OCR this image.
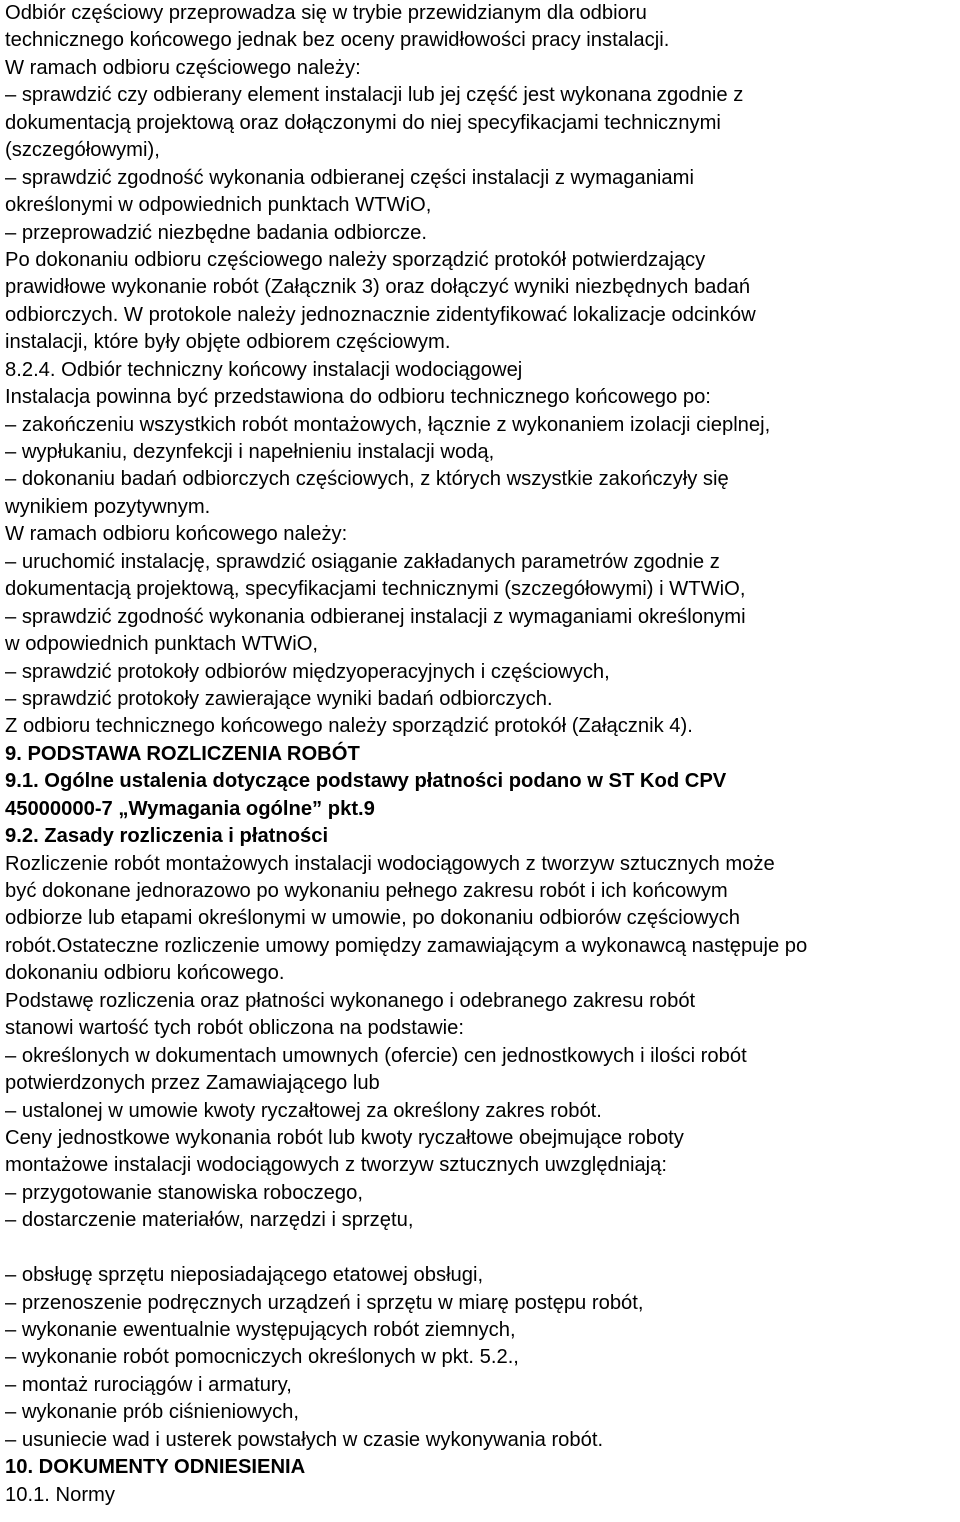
Odbiór częściowy przeprowadza się w trybie przewidzianym dla odbioru
technicznego końcowego jednak bez oceny prawidłowości pracy instalacji.
W ramach odbioru częściowego należy:
– sprawdzić czy odbierany element instalacji lub jej część jest wykonana zgodnie z
dokumentacją projektową oraz dołączonymi do niej specyfikacjami technicznymi
(szczegółowymi),
– sprawdzić zgodność wykonania odbieranej części instalacji z wymaganiami
określonymi w odpowiednich punktach WTWiO,
– przeprowadzić niezbędne badania odbiorcze.
Po dokonaniu odbioru częściowego należy sporządzić protokół potwierdzający
prawidłowe wykonanie robót (Załącznik 3) oraz dołączyć wyniki niezbędnych badań
odbiorczych. W protokole należy jednoznacznie zidentyfikować lokalizacje odcinków
instalacji, które były objęte odbiorem częściowym.
8.2.4. Odbiór techniczny końcowy instalacji wodociągowej
Instalacja powinna być przedstawiona do odbioru technicznego końcowego po:
– zakończeniu wszystkich robót montażowych, łącznie z wykonaniem izolacji cieplnej,
– wypłukaniu, dezynfekcji i napełnieniu instalacji wodą,
– dokonaniu badań odbiorczych częściowych, z których wszystkie zakończyły się
wynikiem pozytywnym.
W ramach odbioru końcowego należy:
– uruchomić instalację, sprawdzić osiąganie zakładanych parametrów zgodnie z
dokumentacją projektową, specyfikacjami technicznymi (szczegółowymi) i WTWiO,
– sprawdzić zgodność wykonania odbieranej instalacji z wymaganiami określonymi
w odpowiednich punktach WTWiO,
– sprawdzić protokoły odbiorów międzyoperacyjnych i częściowych,
– sprawdzić protokoły zawierające wyniki badań odbiorczych.
Z odbioru technicznego końcowego należy sporządzić protokół (Załącznik 4).
9. PODSTAWA ROZLICZENIA ROBÓT
9.1. Ogólne ustalenia dotyczące podstawy płatności podano w ST Kod CPV
45000000-7 „Wymagania ogólne” pkt.9
9.2. Zasady rozliczenia i płatności
Rozliczenie robót montażowych instalacji wodociągowych z tworzyw sztucznych może
być dokonane jednorazowo po wykonaniu pełnego zakresu robót i ich końcowym
odbiorze lub etapami określonymi w umowie, po dokonaniu odbiorów częściowych
robót.Ostateczne rozliczenie umowy pomiędzy zamawiającym a wykonawcą następuje po
dokonaniu odbioru końcowego.
Podstawę rozliczenia oraz płatności wykonanego i odebranego zakresu robót
stanowi wartość tych robót obliczona na podstawie:
– określonych w dokumentach umownych (ofercie) cen jednostkowych i ilości robót
potwierdzonych przez Zamawiającego lub
– ustalonej w umowie kwoty ryczałtowej za określony zakres robót.
Ceny jednostkowe wykonania robót lub kwoty ryczałtowe obejmujące roboty
montażowe instalacji wodociągowych z tworzyw sztucznych uwzględniają:
– przygotowanie stanowiska roboczego,
– dostarczenie materiałów, narzędzi i sprzętu,
– obsługę sprzętu nieposiadającego etatowej obsługi,
– przenoszenie podręcznych urządzeń i sprzętu w miarę postępu robót,
– wykonanie ewentualnie występujących robót ziemnych,
– wykonanie robót pomocniczych określonych w pkt. 5.2.,
– montaż rurociągów i armatury,
– wykonanie prób ciśnieniowych,
– usuniecie wad i usterek powstałych w czasie wykonywania robót.
10. DOKUMENTY ODNIESIENIA
10.1. Normy
